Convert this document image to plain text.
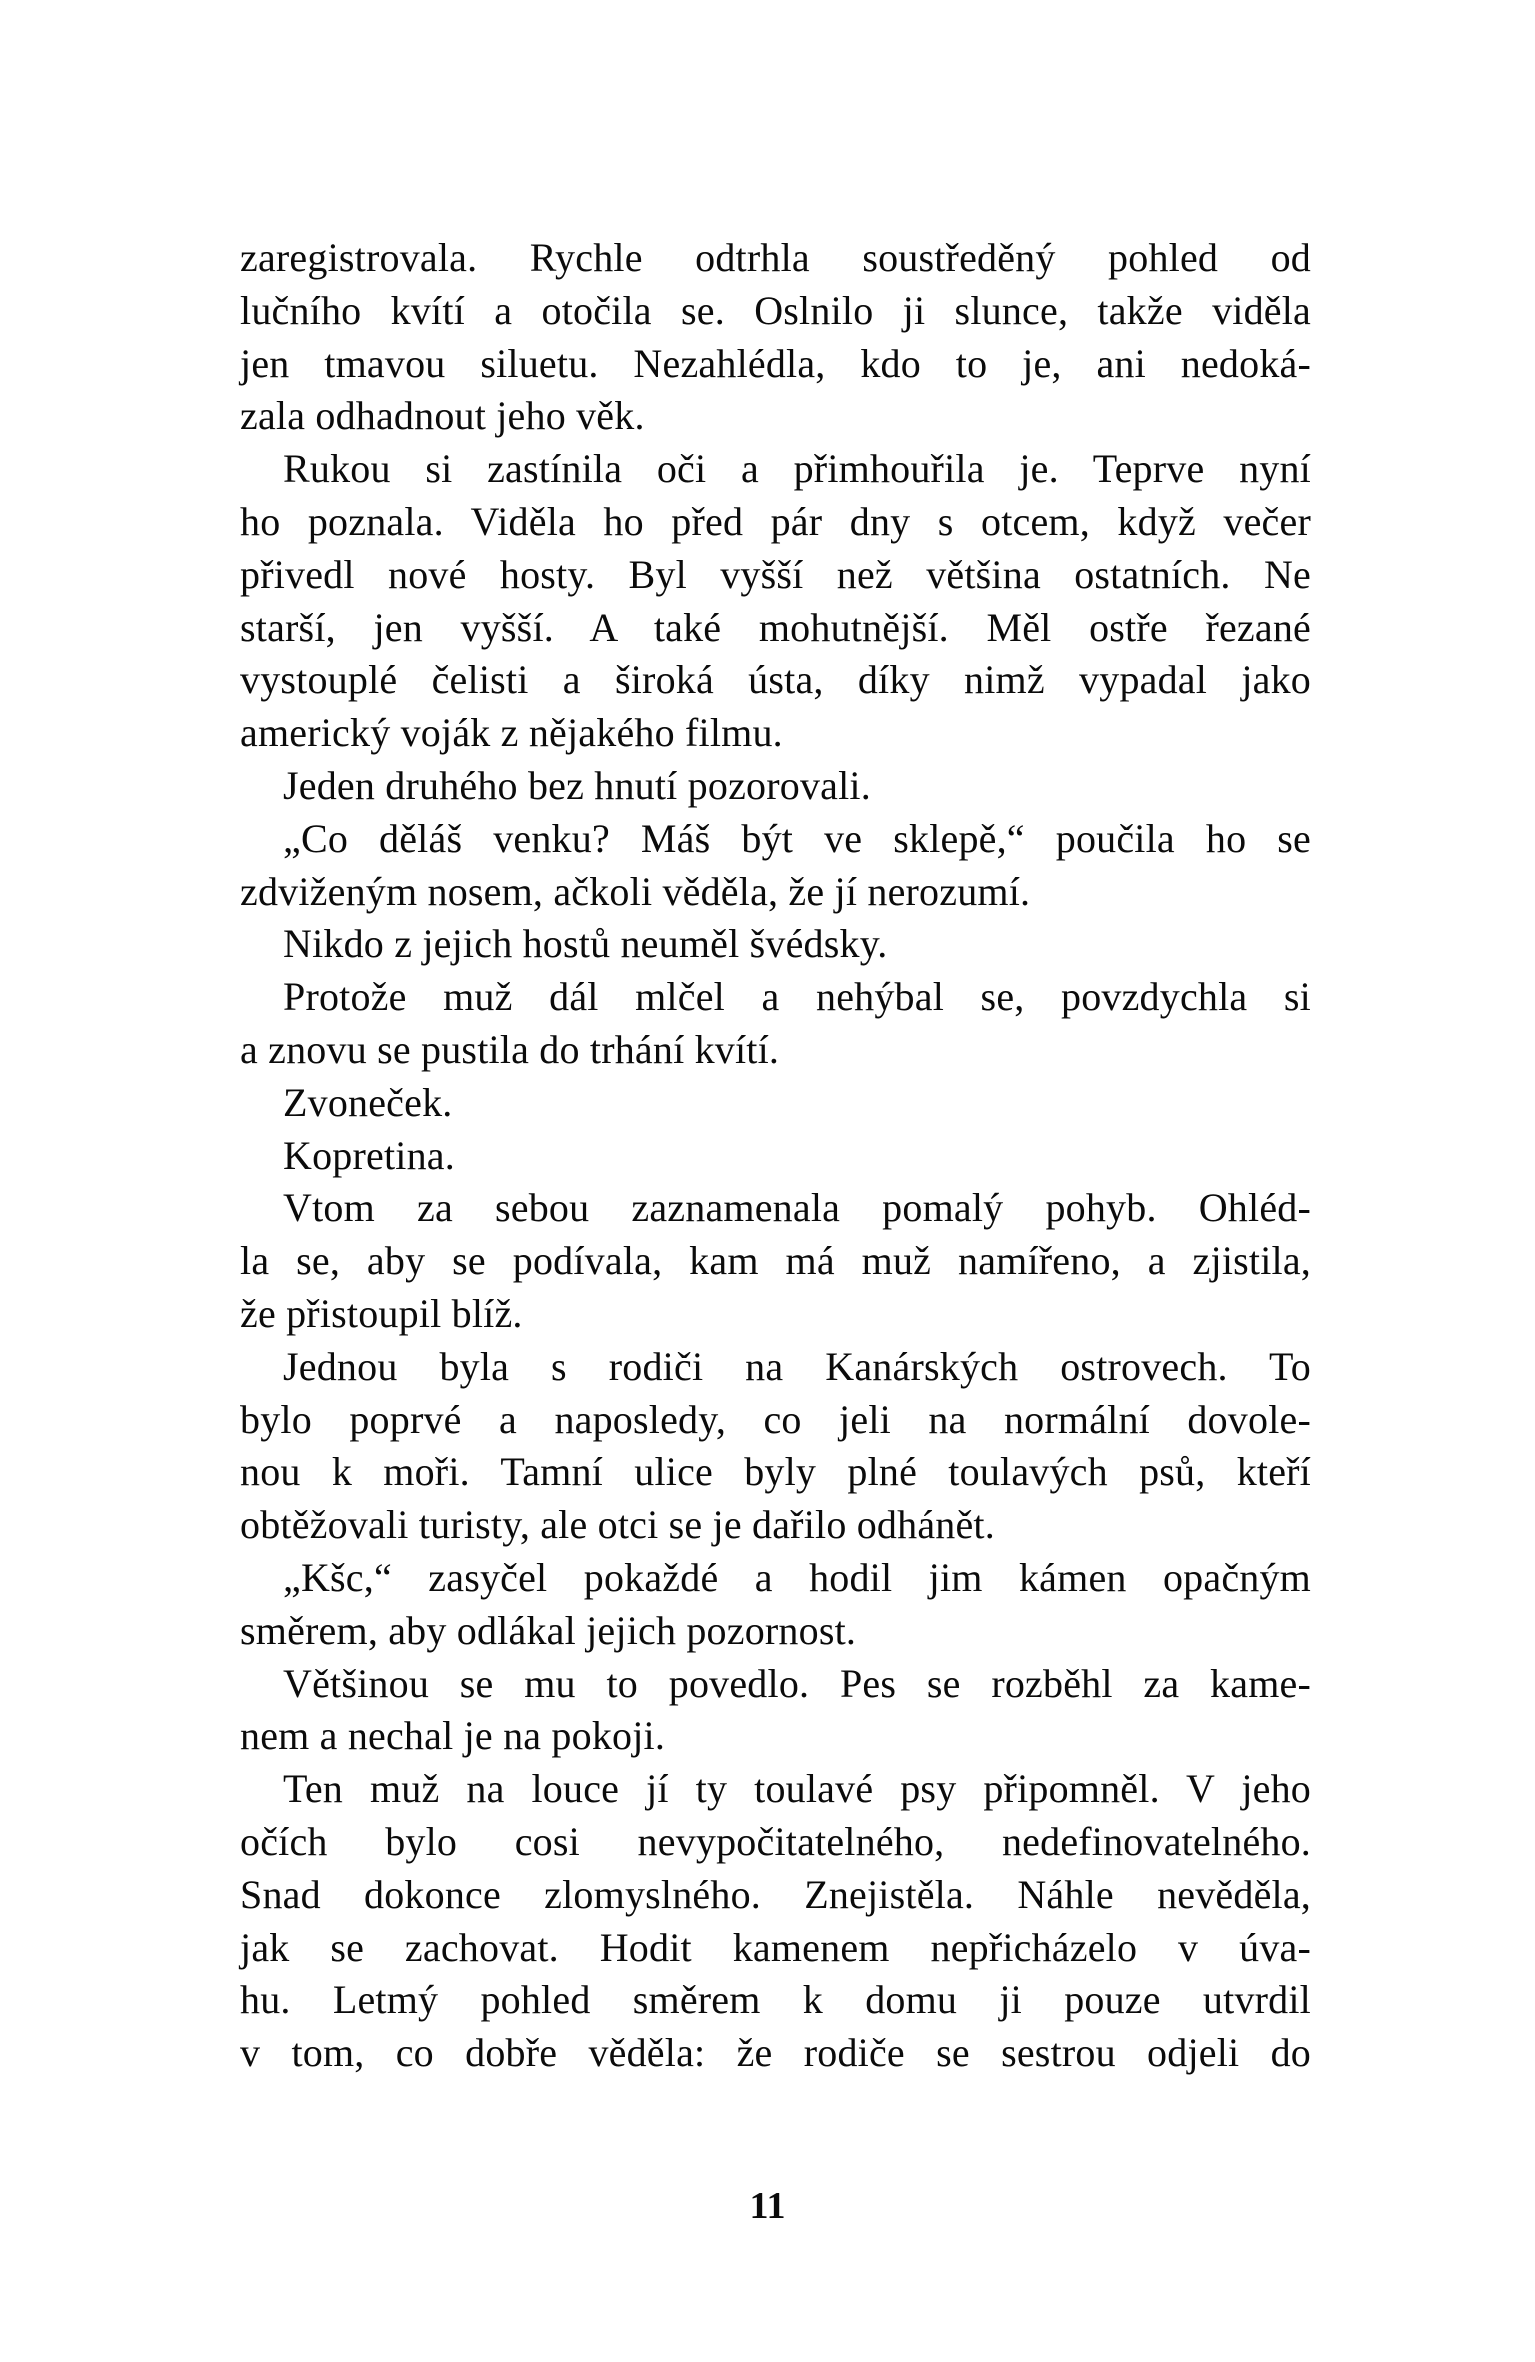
zaregistrovala. Rychle odtrhla soustředěný pohled od
lučního kvítí a otočila se. Oslnilo ji slunce, takže viděla
jen tmavou siluetu. Nezahlédla, kdo to je, ani nedoká-
zala odhadnout jeho věk.
Rukou si zastínila oči a přimhouřila je. Teprve nyní
ho poznala. Viděla ho před pár dny s otcem, když večer
přivedl nové hosty. Byl vyšší než většina ostatních. Ne
starší, jen vyšší. A také mohutnější. Měl ostře řezané
vystouplé čelisti a široká ústa, díky nimž vypadal jako
americký voják z nějakého filmu.
Jeden druhého bez hnutí pozorovali.
„Co děláš venku? Máš být ve sklepě,“ poučila ho se
zdviženým nosem, ačkoli věděla, že jí nerozumí.
Nikdo z jejich hostů neuměl švédsky.
Protože muž dál mlčel a nehýbal se, povzdychla si
a znovu se pustila do trhání kvítí.
Zvoneček.
Kopretina.
Vtom za sebou zaznamenala pomalý pohyb. Ohléd-
la se, aby se podívala, kam má muž namířeno, a zjistila,
že přistoupil blíž.
Jednou byla s rodiči na Kanárských ostrovech. To
bylo poprvé a naposledy, co jeli na normální dovole-
nou k moři. Tamní ulice byly plné toulavých psů, kteří
obtěžovali turisty, ale otci se je dařilo odhánět.
„Kšc,“ zasyčel pokaždé a hodil jim kámen opačným
směrem, aby odlákal jejich pozornost.
Většinou se mu to povedlo. Pes se rozběhl za kame-
nem a nechal je na pokoji.
Ten muž na louce jí ty toulavé psy připomněl. V jeho
očích bylo cosi nevypočitatelného, nedefinovatelného.
Snad dokonce zlomyslného. Znejistěla. Náhle nevěděla,
jak se zachovat. Hodit kamenem nepřicházelo v úva-
hu. Letmý pohled směrem k domu ji pouze utvrdil
v tom, co dobře věděla: že rodiče se sestrou odjeli do
11
